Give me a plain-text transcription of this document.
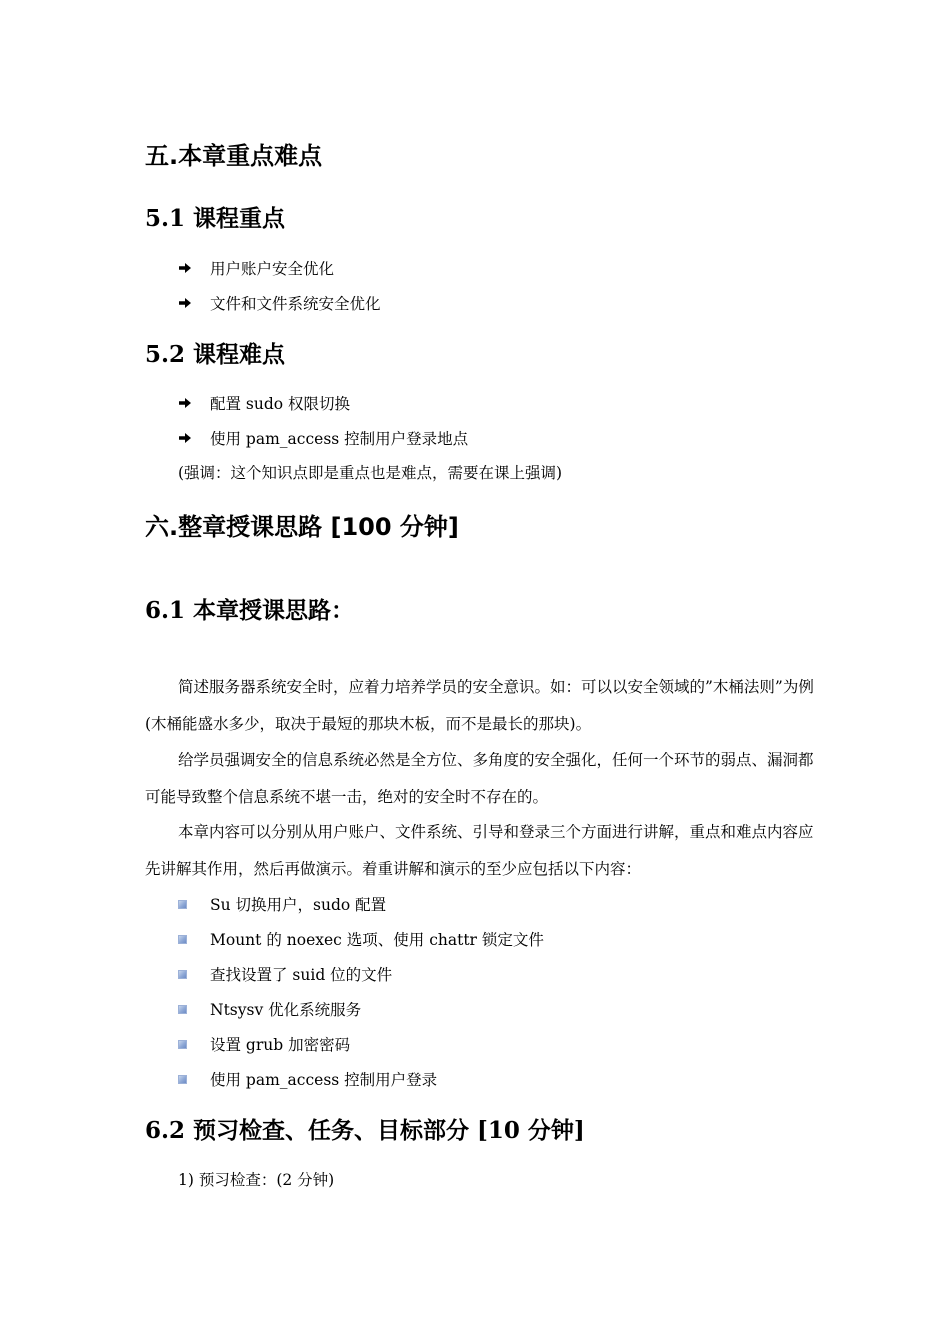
五.本章重点难点
5.1 课程重点
用户账户安全优化
文件和文件系统安全优化
5.2 课程难点
配置 sudo 权限切换
使用 pam_access 控制用户登录地点
(强调：这个知识点即是重点也是难点，需要在课上强调)
六.整章授课思路 [100 分钟]
6.1 本章授课思路：

简述服务器系统安全时，应着力培养学员的安全意识。如：可以以安全领域的”木桶法则”为例(木桶能盛水多少，取决于最短的那块木板，而不是最长的那块)。

给学员强调安全的信息系统必然是全方位、多角度的安全强化，任何一个环节的弱点、漏洞都可能导致整个信息系统不堪一击，绝对的安全时不存在的。

本章内容可以分别从用户账户、文件系统、引导和登录三个方面进行讲解，重点和难点内容应先讲解其作用，然后再做演示。着重讲解和演示的至少应包括以下内容：

Su 切换用户，sudo 配置
Mount 的 noexec 选项、使用 chattr 锁定文件
查找设置了 suid 位的文件
Ntsysv 优化系统服务
设置 grub 加密密码
使用 pam_access 控制用户登录
6.2 预习检查、任务、目标部分 [10 分钟]
1) 预习检查：(2 分钟)
